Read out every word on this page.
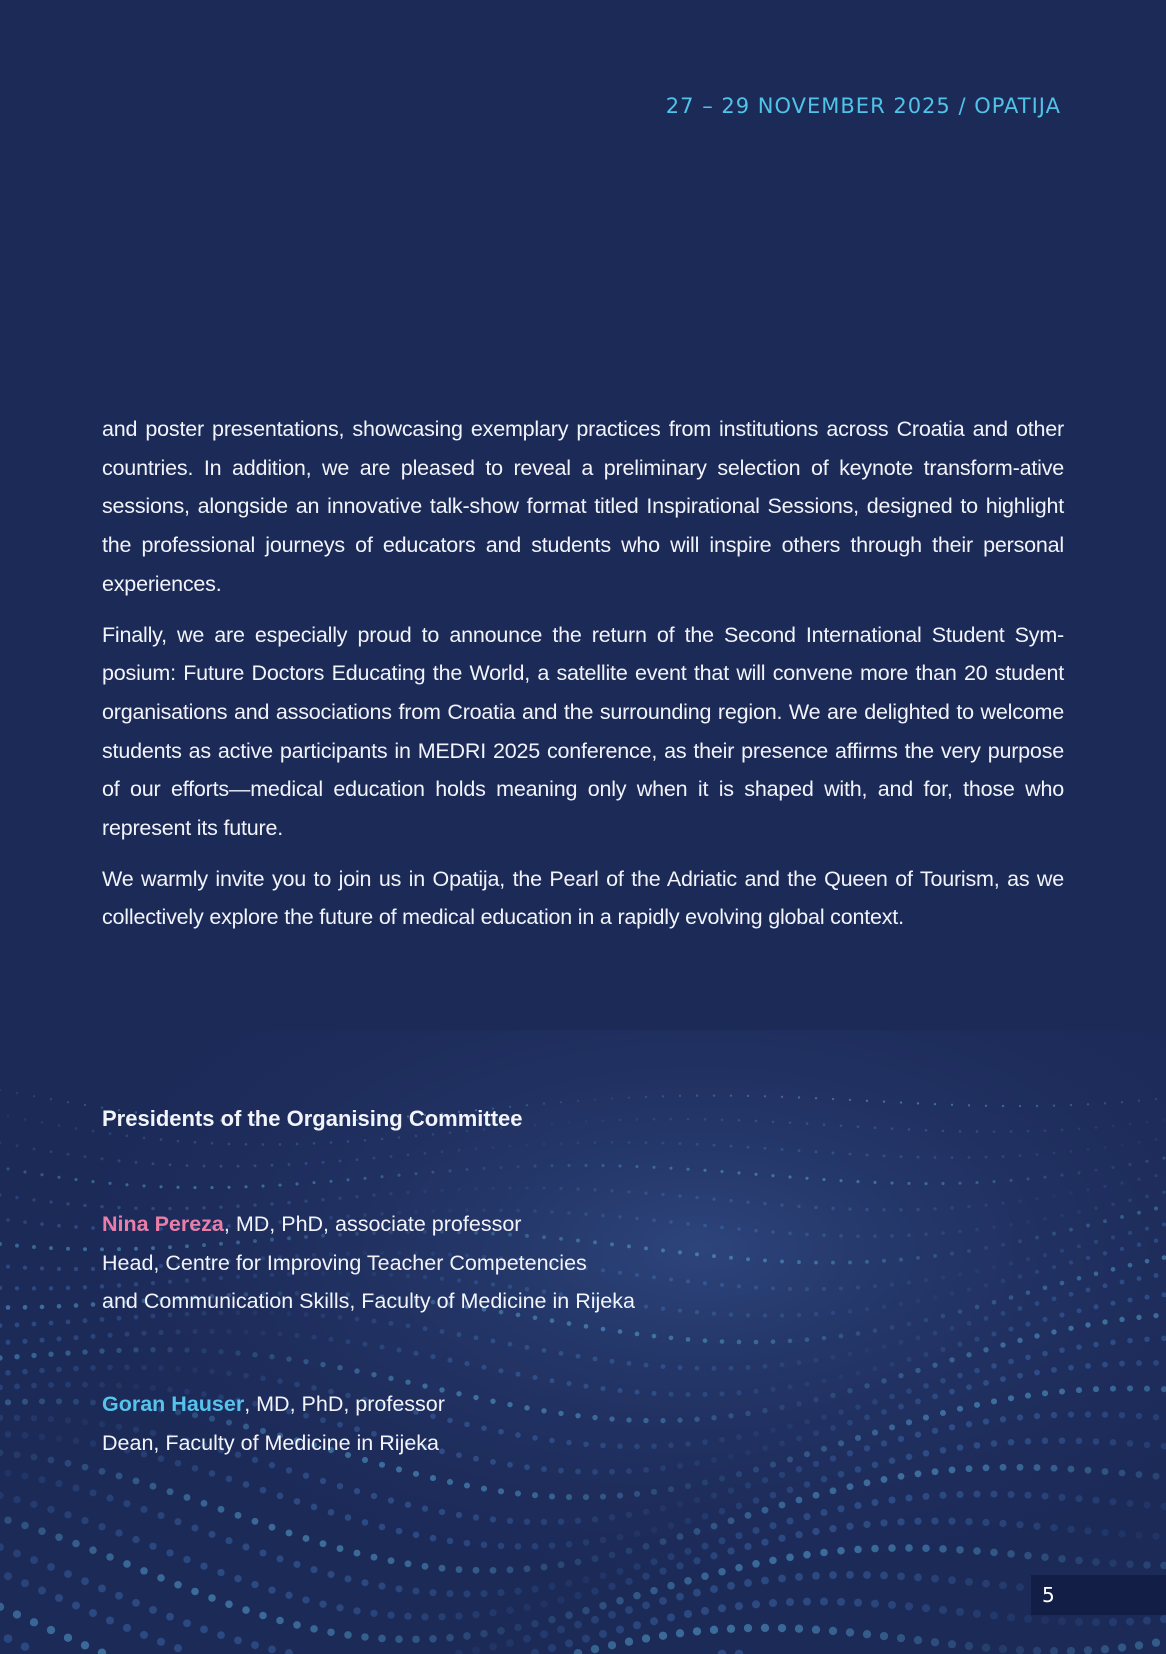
27 – 29 NOVEMBER 2025 / OPATIJA

and poster presentations, showcasing exemplary practices from institutions across Croatia and other countries. In addition, we are pleased to reveal a preliminary selection of keynote transform-ative sessions, alongside an innovative talk-show format titled Inspirational Sessions, designed to highlight the professional journeys of educators and students who will inspire others through their personal experiences.

Finally, we are especially proud to announce the return of the Second International Student Sym-posium: Future Doctors Educating the World, a satellite event that will convene more than 20 student organisations and associations from Croatia and the surrounding region. We are delighted to welcome students as active participants in MEDRI 2025 conference, as their presence affirms the very purpose of our efforts—medical education holds meaning only when it is shaped with, and for, those who represent its future.

We warmly invite you to join us in Opatija, the Pearl of the Adriatic and the Queen of Tourism, as we collectively explore the future of medical education in a rapidly evolving global context.

Presidents of the Organising Committee
Nina Pereza, MD, PhD, associate professor
Head, Centre for Improving Teacher Competencies
and Communication Skills, Faculty of Medicine in Rijeka
Goran Hauser, MD, PhD, professor
Dean, Faculty of Medicine in Rijeka
5
